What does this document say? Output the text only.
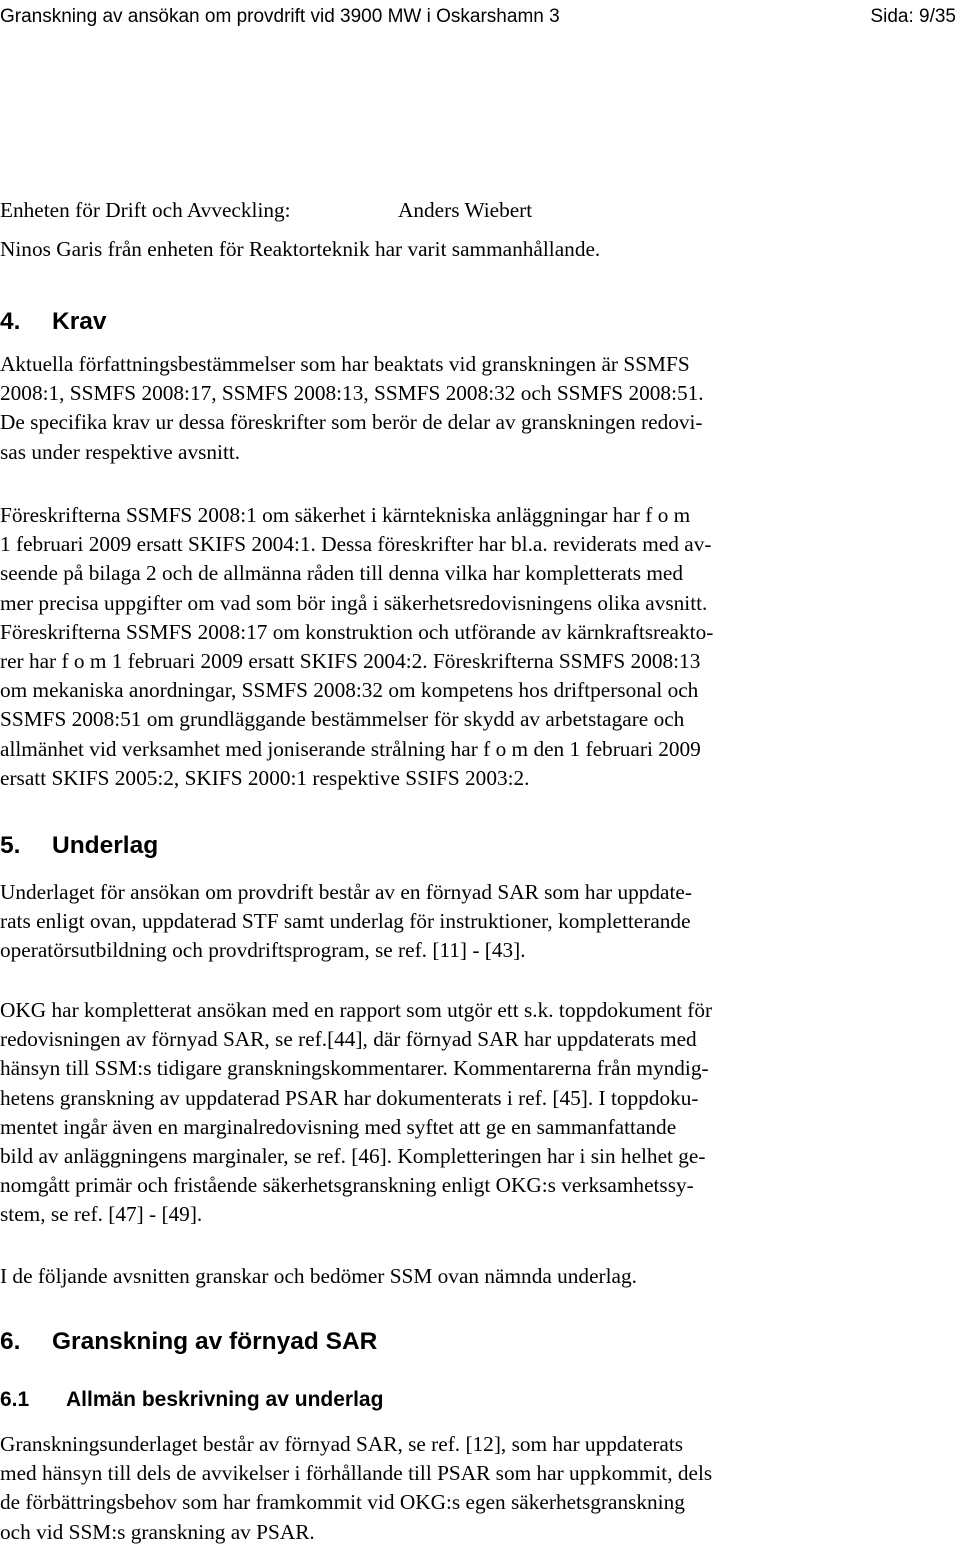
Granskning av ansökan om provdrift vid 3900 MW i Oskarshamn 3	Sida: 9/35
Enheten för Drift och Avveckling:	Anders Wiebert
Ninos Garis från enheten för Reaktorteknik har varit sammanhållande.
4. Krav
Aktuella författningsbestämmelser som har beaktats vid granskningen är SSMFS
2008:1, SSMFS 2008:17, SSMFS 2008:13, SSMFS 2008:32 och SSMFS 2008:51.
De specifika krav ur dessa föreskrifter som berör de delar av granskningen redovi-
sas under respektive avsnitt.
Föreskrifterna SSMFS 2008:1 om säkerhet i kärntekniska anläggningar har f o m
1 februari 2009 ersatt SKIFS 2004:1. Dessa föreskrifter har bl.a. reviderats med av-
seende på bilaga 2 och de allmänna råden till denna vilka har kompletterats med
mer precisa uppgifter om vad som bör ingå i säkerhetsredovisningens olika avsnitt.
Föreskrifterna SSMFS 2008:17 om konstruktion och utförande av kärnkraftsreakto-
rer har f o m 1 februari 2009 ersatt SKIFS 2004:2. Föreskrifterna SSMFS 2008:13
om mekaniska anordningar, SSMFS 2008:32 om kompetens hos driftpersonal och
SSMFS 2008:51 om grundläggande bestämmelser för skydd av arbetstagare och
allmänhet vid verksamhet med joniserande strålning har f o m den 1 februari 2009
ersatt SKIFS 2005:2, SKIFS 2000:1 respektive SSIFS 2003:2.
5. Underlag
Underlaget för ansökan om provdrift består av en förnyad SAR som har uppdate-
rats enligt ovan, uppdaterad STF samt underlag för instruktioner, kompletterande
operatörsutbildning och provdriftsprogram, se ref. [11] - [43].
OKG har kompletterat ansökan med en rapport som utgör ett s.k. toppdokument för
redovisningen av förnyad SAR, se ref.[44], där förnyad SAR har uppdaterats med
hänsyn till SSM:s tidigare granskningskommentarer. Kommentarerna från myndig-
hetens granskning av uppdaterad PSAR har dokumenterats i ref. [45]. I toppdoku-
mentet ingår även en marginalredovisning med syftet att ge en sammanfattande
bild av anläggningens marginaler, se ref. [46]. Kompletteringen har i sin helhet ge-
nomgått primär och fristående säkerhetsgranskning enligt OKG:s verksamhetssy-
stem, se ref. [47] - [49].
I de följande avsnitten granskar och bedömer SSM ovan nämnda underlag.
6. Granskning av förnyad SAR
6.1 Allmän beskrivning av underlag
Granskningsunderlaget består av förnyad SAR, se ref. [12], som har uppdaterats
med hänsyn till dels de avvikelser i förhållande till PSAR som har uppkommit, dels
de förbättringsbehov som har framkommit vid OKG:s egen säkerhetsgranskning
och vid SSM:s granskning av PSAR.
